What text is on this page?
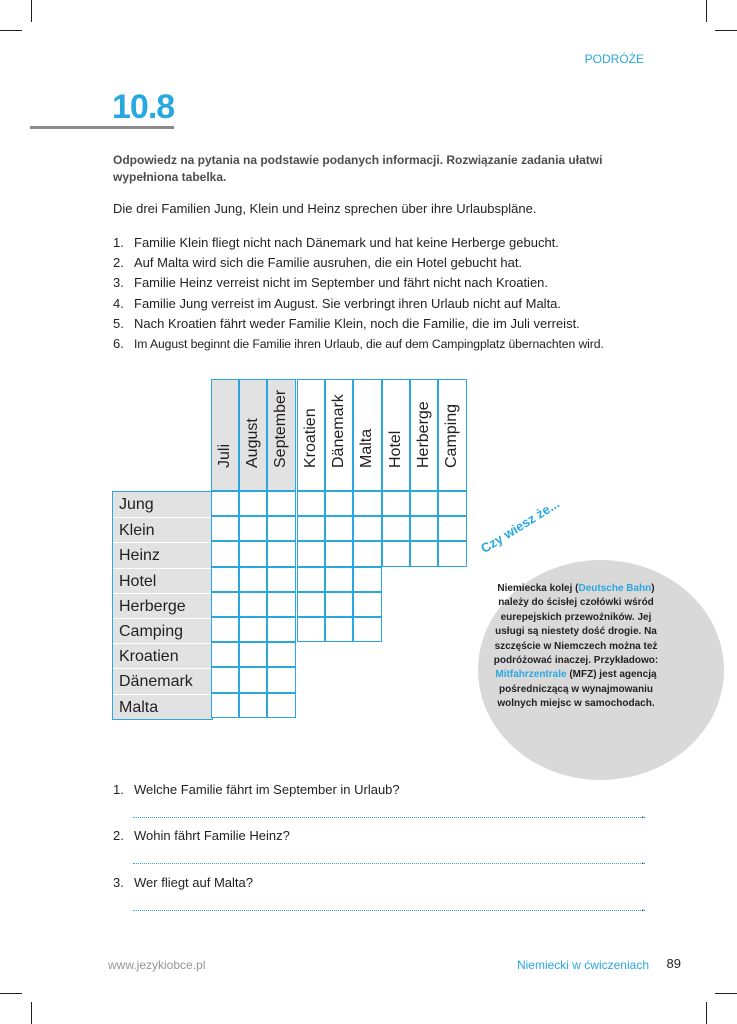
PODRÓŻE
10.8
Odpowiedz na pytania na podstawie podanych informacji. Rozwiązanie zadania ułatwi wypełniona tabelka.
Die drei Familien Jung, Klein und Heinz sprechen über ihre Urlaubspläne.
1. Familie Klein fliegt nicht nach Dänemark und hat keine Herberge gebucht.
2. Auf Malta wird sich die Familie ausruhen, die ein Hotel gebucht hat.
3. Familie Heinz verreist nicht im September und fährt nicht nach Kroatien.
4. Familie Jung verreist im August. Sie verbringt ihren Urlaub nicht auf Malta.
5. Nach Kroatien fährt weder Familie Klein, noch die Familie, die im Juli verreist.
6. Im August beginnt die Familie ihren Urlaub, die auf dem Campingplatz übernachten wird.
Juli August September Kroatien Dänemark Malta Hotel Herberge Camping
Jung
Klein
Heinz
Hotel
Herberge
Camping
Kroatien
Dänemark
Malta
Czy wiesz że...
Niemiecka kolej (Deutsche Bahn) należy do ścisłej czołówki wśród eurepejskich przewoźników. Jej usługi są niestety dość drogie. Na szczęście w Niemczech można też podróżować inaczej. Przykładowo: Mitfahrzentrale (MFZ) jest agencją pośredniczącą w wynajmowaniu wolnych miejsc w samochodach.
1. Welche Familie fährt im September in Urlaub?
.
2. Wohin fährt Familie Heinz?
.
3. Wer fliegt auf Malta?
.
www.jezykiobce.pl	Niemiecki w ćwiczeniach 89
